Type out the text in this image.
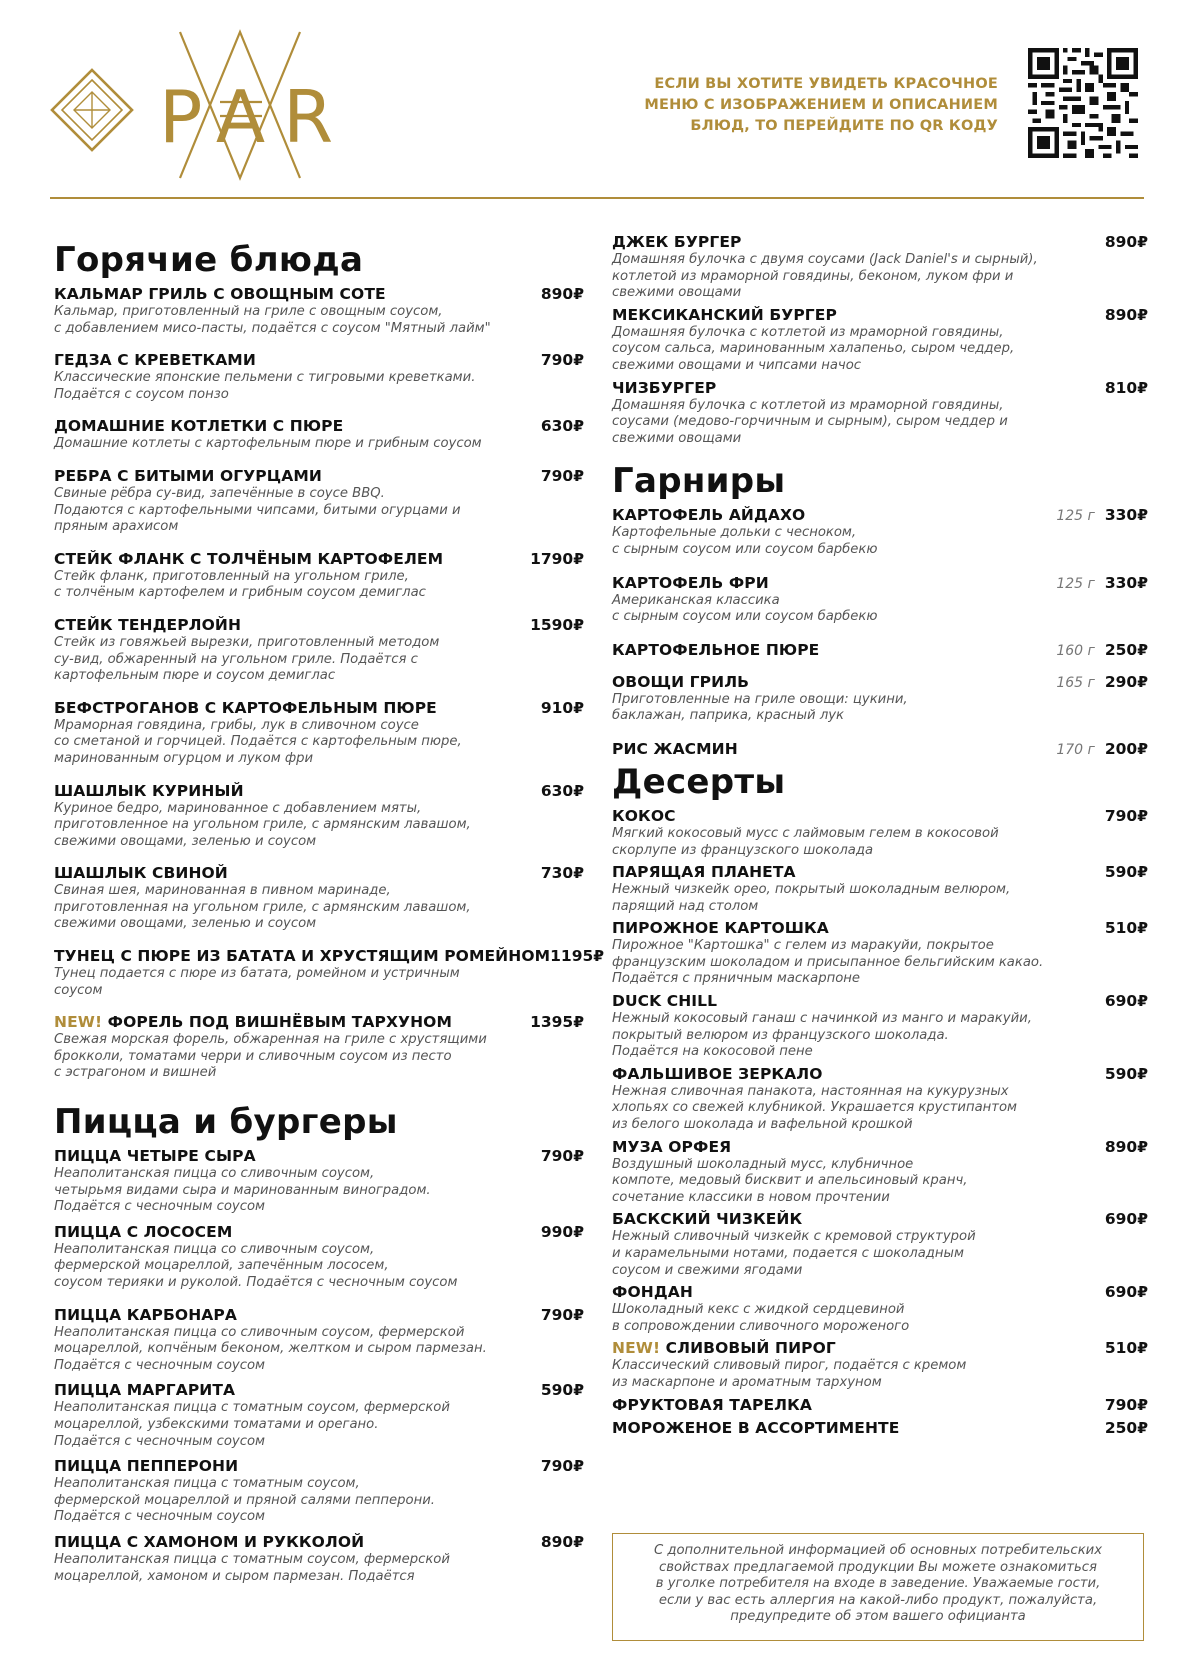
PAR	ЕСЛИ ВЫ ХОТИТЕ УВИДЕТЬ КРАСОЧНОЕ
МЕНЮ С ИЗОБРАЖЕНИЕМ И ОПИСАНИЕМ
БЛЮД, ТО ПЕРЕЙДИТЕ ПО QR КОДУ
Горячие блюда
КАЛЬМАР ГРИЛЬ С ОВОЩНЫМ СОТЕ	890₽
Кальмар, приготовленный на гриле с овощным соусом,
с добавлением мисо-пасты, подаётся с соусом "Мятный лайм"
ГЕДЗА С КРЕВЕТКАМИ	790₽
Классические японские пельмени с тигровыми креветками.
Подаётся с соусом понзо
ДОМАШНИЕ КОТЛЕТКИ С ПЮРЕ	630₽
Домашние котлеты с картофельным пюре и грибным соусом
РЕБРА С БИТЫМИ ОГУРЦАМИ	790₽
Свиные рёбра су-вид, запечённые в соусе BBQ.
Подаются с картофельными чипсами, битыми огурцами и
пряным арахисом
СТЕЙК ФЛАНК С ТОЛЧЁНЫМ КАРТОФЕЛЕМ	1790₽
Стейк фланк, приготовленный на угольном гриле,
с толчёным картофелем и грибным соусом демиглас
СТЕЙК ТЕНДЕРЛОЙН	1590₽
Стейк из говяжьей вырезки, приготовленный методом
су-вид, обжаренный на угольном гриле. Подаётся с
картофельным пюре и соусом демиглас
БЕФСТРОГАНОВ С КАРТОФЕЛЬНЫМ ПЮРЕ	910₽
Мраморная говядина, грибы, лук в сливочном соусе
со сметаной и горчицей. Подаётся с картофельным пюре,
маринованным огурцом и луком фри
ШАШЛЫК КУРИНЫЙ	630₽
Куриное бедро, маринованное с добавлением мяты,
приготовленное на угольном гриле, с армянским лавашом,
свежими овощами, зеленью и соусом
ШАШЛЫК СВИНОЙ	730₽
Свиная шея, маринованная в пивном маринаде,
приготовленная на угольном гриле, с армянским лавашом,
свежими овощами, зеленью и соусом
ТУНЕЦ С ПЮРЕ ИЗ БАТАТА И ХРУСТЯЩИМ РОМЕЙНОМ 1195₽
Тунец подается с пюре из батата, ромейном и устричным
соусом
NEW! ФОРЕЛЬ ПОД ВИШНЁВЫМ ТАРХУНОМ	1395₽
Свежая морская форель, обжаренная на гриле с хрустящими
брокколи, томатами черри и сливочным соусом из песто
с эстрагоном и вишней
Пицца и бургеры
ПИЦЦА ЧЕТЫРЕ СЫРА	790₽
Неаполитанская пицца со сливочным соусом,
четырьмя видами сыра и маринованным виноградом.
Подаётся с чесночным соусом
ПИЦЦА С ЛОСОСЕМ	990₽
Неаполитанская пицца со сливочным соусом,
фермерской моцареллой, запечённым лососем,
соусом терияки и руколой. Подаётся с чесночным соусом
ПИЦЦА КАРБОНАРА	790₽
Неаполитанская пицца со сливочным соусом, фермерской
моцареллой, копчёным беконом, желтком и сыром пармезан.
Подаётся с чесночным соусом
ПИЦЦА МАРГАРИТА	590₽
Неаполитанская пицца с томатным соусом, фермерской
моцареллой, узбекскими томатами и орегано.
Подаётся с чесночным соусом
ПИЦЦА ПЕППЕРОНИ	790₽
Неаполитанская пицца с томатным соусом,
фермерской моцареллой и пряной салями пепперони.
Подаётся с чесночным соусом
ПИЦЦА С ХАМОНОМ И РУККОЛОЙ	890₽
Неаполитанская пицца с томатным соусом, фермерской
моцареллой, хамоном и сыром пармезан. Подаётся
ДЖЕК БУРГЕР	890₽
Домашняя булочка с двумя соусами (Jack Daniel's и сырный),
котлетой из мраморной говядины, беконом, луком фри и
свежими овощами
МЕКСИКАНСКИЙ БУРГЕР	890₽
Домашняя булочка с котлетой из мраморной говядины,
соусом сальса, маринованным халапеньо, сыром чеддер,
свежими овощами и чипсами начос
ЧИЗБУРГЕР	810₽
Домашняя булочка с котлетой из мраморной говядины,
соусами (медово-горчичным и сырным), сыром чеддер и
свежими овощами
Гарниры
КАРТОФЕЛЬ АЙДАХО	125 г 330₽
Картофельные дольки с чесноком,
с сырным соусом или соусом барбекю
КАРТОФЕЛЬ ФРИ	125 г 330₽
Американская классика
с сырным соусом или соусом барбекю
КАРТОФЕЛЬНОЕ ПЮРЕ	160 г 250₽
ОВОЩИ ГРИЛЬ	165 г 290₽
Приготовленные на гриле овощи: цукини,
баклажан, паприка, красный лук
РИС ЖАСМИН	170 г 200₽
Десерты
КОКОС	790₽
Мягкий кокосовый мусс с лаймовым гелем в кокосовой
скорлупе из французского шоколада
ПАРЯЩАЯ ПЛАНЕТА	590₽
Нежный чизкейк орео, покрытый шоколадным велюром,
парящий над столом
ПИРОЖНОЕ КАРТОШКА	510₽
Пирожное "Картошка" с гелем из маракуйи, покрытое
французским шоколадом и присыпанное бельгийским какао.
Подаётся с пряничным маскарпоне
DUCK CHILL	690₽
Нежный кокосовый ганаш с начинкой из манго и маракуйи,
покрытый велюром из французского шоколада.
Подаётся на кокосовой пене
ФАЛЬШИВОЕ ЗЕРКАЛО	590₽
Нежная сливочная панакота, настоянная на кукурузных
хлопьях со свежей клубникой. Украшается крустипантом
из белого шоколада и вафельной крошкой
МУЗА ОРФЕЯ	890₽
Воздушный шоколадный мусс, клубничное
компоте, медовый бисквит и апельсиновый кранч,
сочетание классики в новом прочтении
БАСКСКИЙ ЧИЗКЕЙК	690₽
Нежный сливочный чизкейк с кремовой структурой
и карамельными нотами, подается с шоколадным
соусом и свежими ягодами
ФОНДАН	690₽
Шоколадный кекс с жидкой сердцевиной
в сопровождении сливочного мороженого
NEW! СЛИВОВЫЙ ПИРОГ	510₽
Классический сливовый пирог, подаётся с кремом
из маскарпоне и ароматным тархуном
ФРУКТОВАЯ ТАРЕЛКА	790₽
МОРОЖЕНОЕ В АССОРТИМЕНТЕ	250₽
С дополнительной информацией об основных потребительских
свойствах предлагаемой продукции Вы можете ознакомиться
в уголке потребителя на входе в заведение. Уважаемые гости,
если у вас есть аллергия на какой-либо продукт, пожалуйста,
предупредите об этом вашего официанта
